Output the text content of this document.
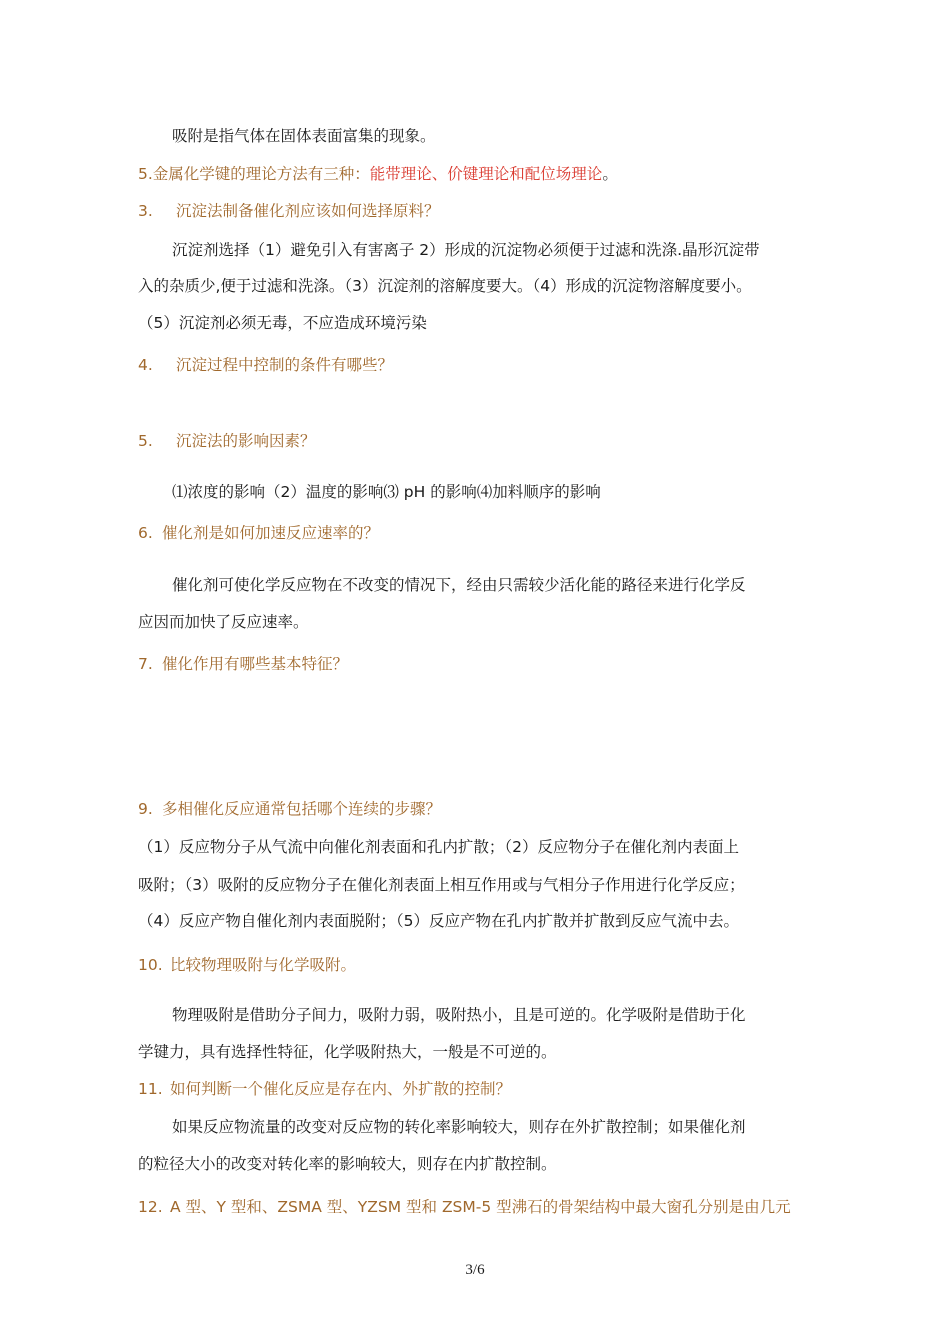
吸附是指气体在固体表面富集的现象。
5.金属化学键的理论方法有三种：能带理论、价键理论和配位场理论。
3. 沉淀法制备催化剂应该如何选择原料？
沉淀剂选择（1）避免引入有害离子 2）形成的沉淀物必须便于过滤和洗涤.晶形沉淀带
入的杂质少,便于过滤和洗涤。（3）沉淀剂的溶解度要大。（4）形成的沉淀物溶解度要小。
（5）沉淀剂必须无毒，不应造成环境污染
4. 沉淀过程中控制的条件有哪些？
5. 沉淀法的影响因素？
⑴浓度的影响（2）温度的影响⑶ pH 的影响⑷加料顺序的影响
6. 催化剂是如何加速反应速率的？
催化剂可使化学反应物在不改变的情况下，经由只需较少活化能的路径来进行化学反
应因而加快了反应速率。
7. 催化作用有哪些基本特征？
9. 多相催化反应通常包括哪个连续的步骤？
（1）反应物分子从气流中向催化剂表面和孔内扩散；（2）反应物分子在催化剂内表面上
吸附；（3）吸附的反应物分子在催化剂表面上相互作用或与气相分子作用进行化学反应；
（4）反应产物自催化剂内表面脱附；（5）反应产物在孔内扩散并扩散到反应气流中去。
10. 比较物理吸附与化学吸附。
物理吸附是借助分子间力，吸附力弱，吸附热小，且是可逆的。化学吸附是借助于化
学键力，具有选择性特征，化学吸附热大，一般是不可逆的。
11. 如何判断一个催化反应是存在内、外扩散的控制？
如果反应物流量的改变对反应物的转化率影响较大，则存在外扩散控制；如果催化剂
的粒径大小的改变对转化率的影响较大，则存在内扩散控制。
12. A 型、Y 型和、ZSMA 型、YZSM 型和 ZSM-5 型沸石的骨架结构中最大窗孔分别是由几元
3/6
